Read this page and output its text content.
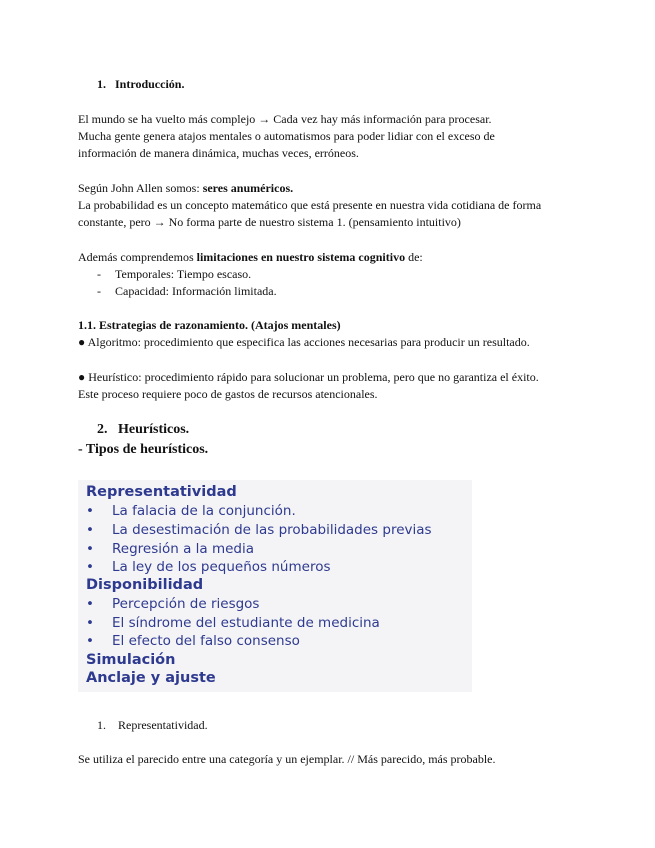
1. Introducción.
El mundo se ha vuelto más complejo → Cada vez hay más información para procesar.
Mucha gente genera atajos mentales o automatismos para poder lidiar con el exceso de
información de manera dinámica, muchas veces, erróneos.
Según John Allen somos: seres anuméricos.
La probabilidad es un concepto matemático que está presente en nuestra vida cotidiana de forma
constante, pero → No forma parte de nuestro sistema 1. (pensamiento intuitivo)
Además comprendemos limitaciones en nuestro sistema cognitivo de:
- Temporales: Tiempo escaso.
- Capacidad: Información limitada.
1.1. Estrategias de razonamiento. (Atajos mentales)
● Algoritmo: procedimiento que especifica las acciones necesarias para producir un resultado.
● Heurístico: procedimiento rápido para solucionar un problema, pero que no garantiza el éxito.
Este proceso requiere poco de gastos de recursos atencionales.
2. Heurísticos.
- Tipos de heurísticos.
Representatividad
• La falacia de la conjunción.
• La desestimación de las probabilidades previas
• Regresión a la media
• La ley de los pequeños números
Disponibilidad
• Percepción de riesgos
• El síndrome del estudiante de medicina
• El efecto del falso consenso
Simulación
Anclaje y ajuste
1. Representatividad.
Se utiliza el parecido entre una categoría y un ejemplar. // Más parecido, más probable.
